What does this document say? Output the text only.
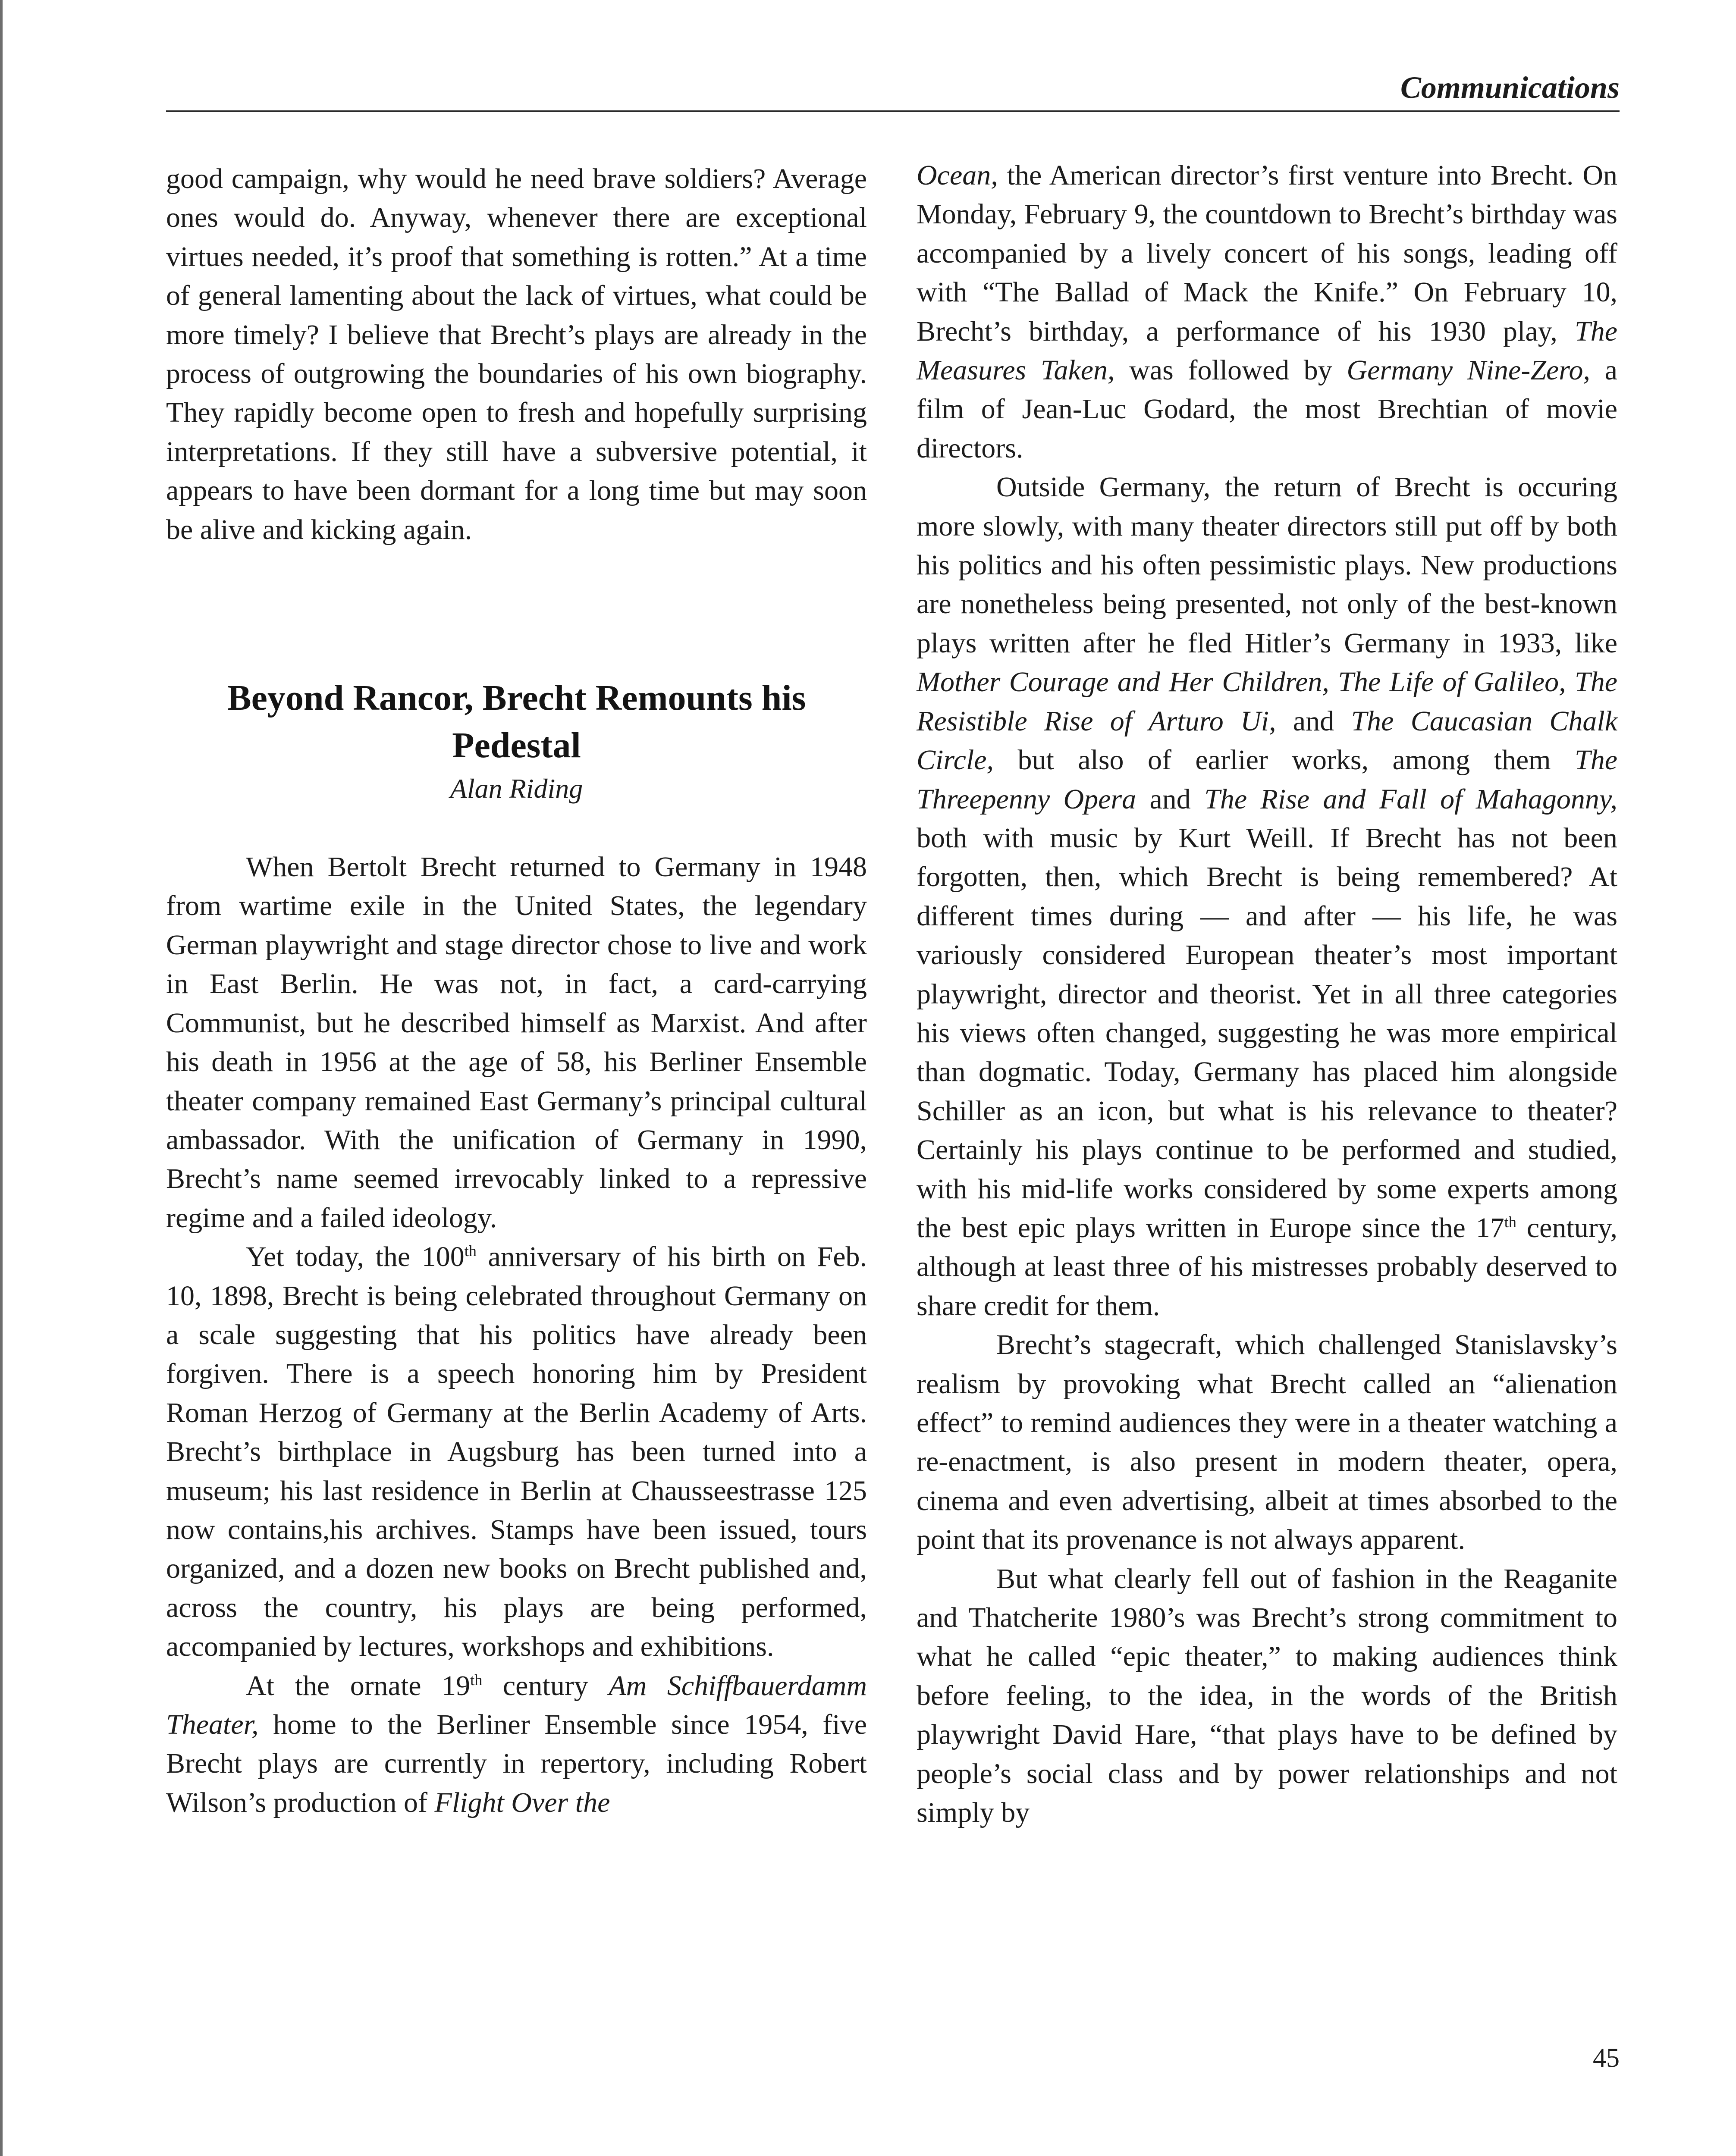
Communications

good campaign, why would he need brave soldiers? Average ones would do. Anyway, whenever there are exceptional virtues needed, it’s proof that something is rotten.” At a time of general lamenting about the lack of virtues, what could be more timely? I believe that Brecht’s plays are already in the process of outgrowing the boundaries of his own biography. They rapidly become open to fresh and hopefully surprising interpretations. If they still have a subversive potential, it appears to have been dormant for a long time but may soon be alive and kicking again.

Beyond Rancor, Brecht Remounts his Pedestal
Alan Riding

When Bertolt Brecht returned to Germany in 1948 from wartime exile in the United States, the legendary German playwright and stage director chose to live and work in East Berlin. He was not, in fact, a card-carrying Communist, but he described himself as Marxist. And after his death in 1956 at the age of 58, his Berliner Ensemble theater company remained East Germany’s principal cultural ambassador. With the unification of Germany in 1990, Brecht’s name seemed irrevocably linked to a repressive regime and a failed ideology.

Yet today, the 100th anniversary of his birth on Feb. 10, 1898, Brecht is being celebrated throughout Germany on a scale suggesting that his politics have already been forgiven. There is a speech honoring him by President Roman Herzog of Germany at the Berlin Academy of Arts. Brecht’s birthplace in Augsburg has been turned into a museum; his last residence in Berlin at Chausseestrasse 125 now contains,his archives. Stamps have been issued, tours organized, and a dozen new books on Brecht published and, across the country, his plays are being performed, accompanied by lectures, workshops and exhibitions.

At the ornate 19th century Am Schiffbauerdamm Theater, home to the Berliner Ensemble since 1954, five Brecht plays are currently in repertory, including Robert Wilson’s production of Flight Over the

Ocean, the American director’s first venture into Brecht. On Monday, February 9, the countdown to Brecht’s birthday was accompanied by a lively concert of his songs, leading off with “The Ballad of Mack the Knife.” On February 10, Brecht’s birthday, a performance of his 1930 play, The Measures Taken, was followed by Germany Nine-Zero, a film of Jean-Luc Godard, the most Brechtian of movie directors.

Outside Germany, the return of Brecht is occuring more slowly, with many theater directors still put off by both his politics and his often pessimistic plays. New productions are nonetheless being presented, not only of the best-known plays written after he fled Hitler’s Germany in 1933, like Mother Courage and Her Children, The Life of Galileo, The Resistible Rise of Arturo Ui, and The Caucasian Chalk Circle, but also of earlier works, among them The Threepenny Opera and The Rise and Fall of Mahagonny, both with music by Kurt Weill. If Brecht has not been forgotten, then, which Brecht is being remembered? At different times during — and after — his life, he was variously considered European theater’s most important playwright, director and theorist. Yet in all three categories his views often changed, suggesting he was more empirical than dogmatic. Today, Germany has placed him alongside Schiller as an icon, but what is his relevance to theater? Certainly his plays continue to be performed and studied, with his mid-life works considered by some experts among the best epic plays written in Europe since the 17th century, although at least three of his mistresses probably deserved to share credit for them.

Brecht’s stagecraft, which challenged Stanislavsky’s realism by provoking what Brecht called an “alienation effect” to remind audiences they were in a theater watching a re-enactment, is also present in modern theater, opera, cinema and even advertising, albeit at times absorbed to the point that its provenance is not always apparent.

But what clearly fell out of fashion in the Reaganite and Thatcherite 1980’s was Brecht’s strong commitment to what he called “epic theater,” to making audiences think before feeling, to the idea, in the words of the British playwright David Hare, “that plays have to be defined by people’s social class and by power relationships and not simply by

45
